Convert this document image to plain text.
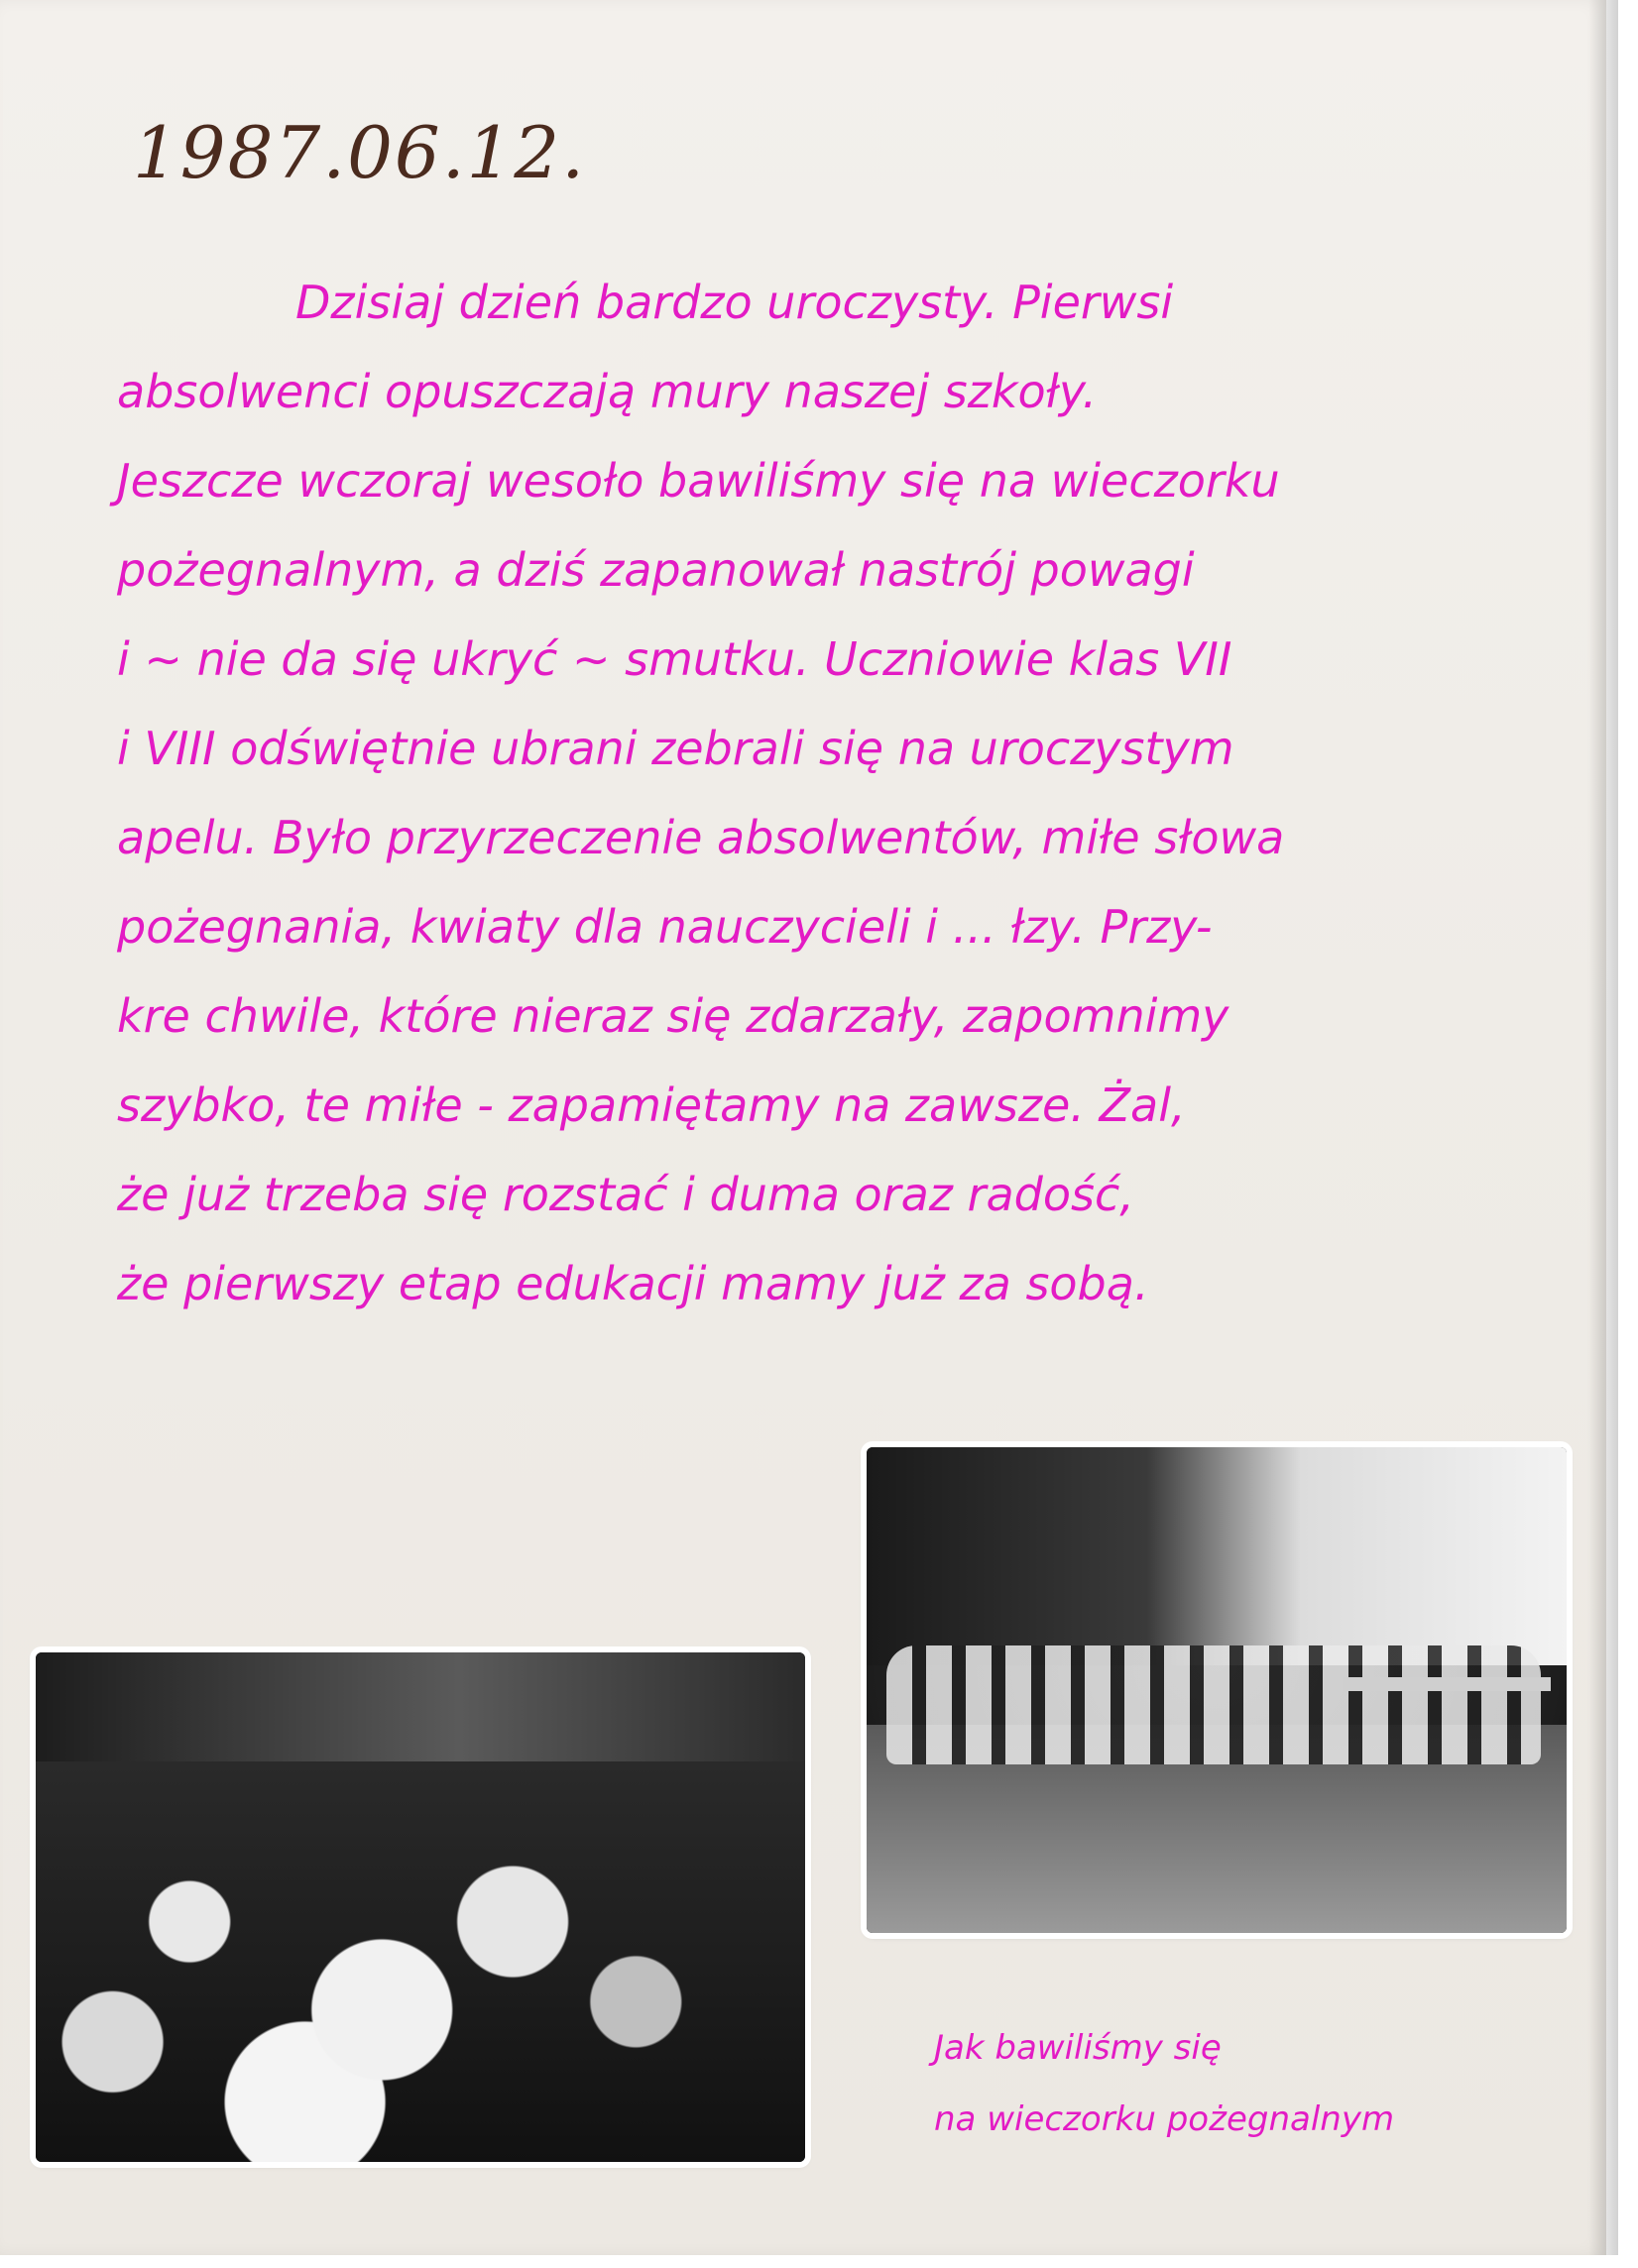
1987.06.12.
Dzisiaj dzień bardzo uroczysty. Pierwsi
absolwenci opuszczają mury naszej szkoły.
Jeszcze wczoraj wesoło bawiliśmy się na wieczorku
pożegnalnym, a dziś zapanował nastrój powagi
i ~ nie da się ukryć ~ smutku. Uczniowie klas VII
i VIII odświętnie ubrani zebrali się na uroczystym
apelu. Było przyrzeczenie absolwentów, miłe słowa
pożegnania, kwiaty dla nauczycieli i ... łzy. Przy-
kre chwile, które nieraz się zdarzały, zapomnimy
szybko, te miłe - zapamiętamy na zawsze. Żal,
że już trzeba się rozstać i duma oraz radość,
że pierwszy etap edukacji mamy już za sobą.
Jak bawiliśmy się
na wieczorku pożegnalnym
